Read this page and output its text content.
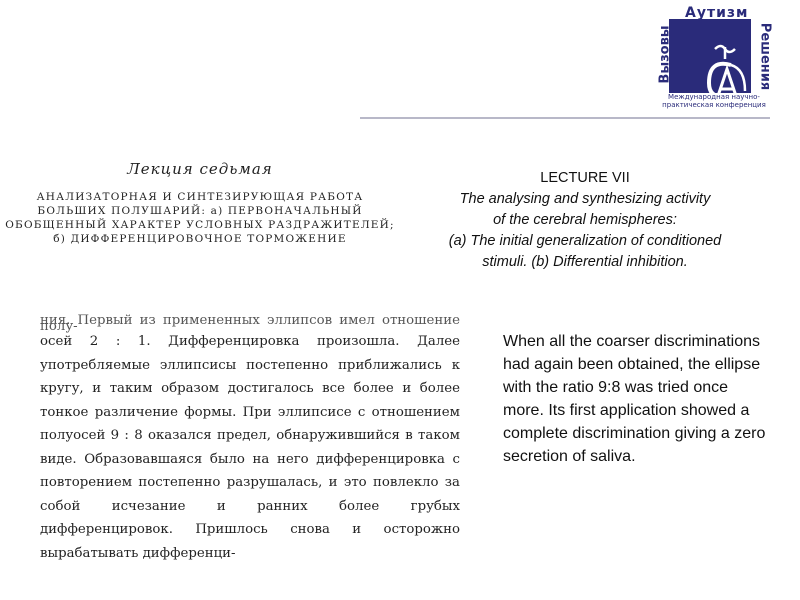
Аутизм
Вызовы	Решения
Международная научно-практическая конференция
Лекция седьмая
АНАЛИЗАТОРНАЯ И СИНТЕЗИРУЮЩАЯ РАБОТА БОЛЬШИХ ПОЛУШАРИЙ: а) ПЕРВОНАЧАЛЬНЫЙ ОБОБЩЕННЫЙ ХАРАКТЕР УСЛОВНЫХ РАЗДРАЖИТЕЛЕЙ; б) ДИФФЕРЕНЦИРОВОЧНОЕ ТОРМОЖЕНИЕ
ния. Первый из примененных эллипсов имел отношение полу-

осей 2 : 1. Дифференцировка произошла. Далее употребляемые эллипсисы постепенно приближались к кругу, и таким образом достигалось все более и более тонкое различение формы. При эллипсисе с отношением полуосей 9 : 8 оказался предел, обнаружившийся в таком виде. Образовавшаяся было на него дифференцировка с повторением постепенно разрушалась, и это повлекло за собой исчезание и ранних более грубых дифференцировок. Пришлось снова и осторожно вырабатывать дифференци-

LECTURE VII
The analysing and synthesizing activity
of the cerebral hemispheres:
(a) The initial generalization of conditioned
stimuli. (b) Differential inhibition.
When all the coarser discriminations had again been obtained, the ellipse with the ratio 9:8 was tried once more. Its first application showed a complete discrimination giving a zero secretion of saliva.
